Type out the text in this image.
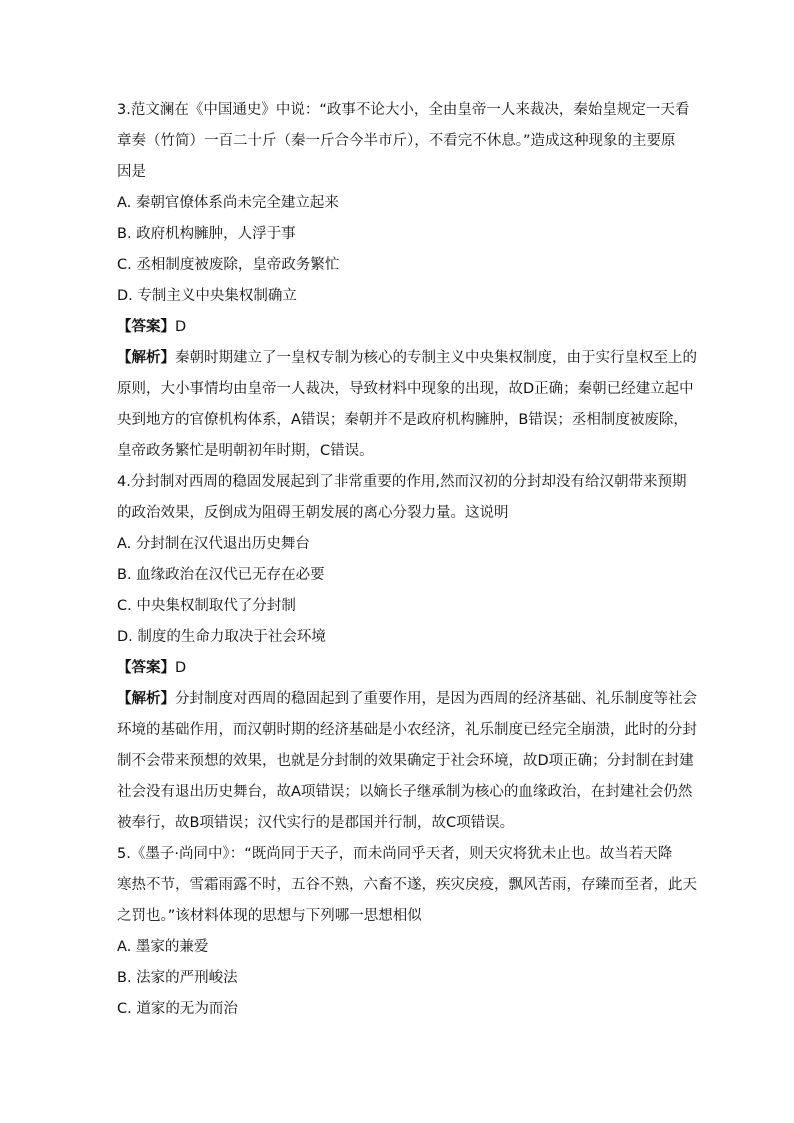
3.范文澜在《中国通史》中说：“政事不论大小，全由皇帝一人来裁决，秦始皇规定一天看
章奏（竹简）一百二十斤（秦一斤合今半市斤），不看完不休息。”造成这种现象的主要原
因是
A. 秦朝官僚体系尚未完全建立起来
B. 政府机构臃肿，人浮于事
C. 丞相制度被废除，皇帝政务繁忙
D. 专制主义中央集权制确立
【答案】D
【解析】秦朝时期建立了一皇权专制为核心的专制主义中央集权制度，由于实行皇权至上的
原则，大小事情均由皇帝一人裁决，导致材料中现象的出现，故D正确；秦朝已经建立起中
央到地方的官僚机构体系，A错误；秦朝并不是政府机构臃肿，B错误；丞相制度被废除，
皇帝政务繁忙是明朝初年时期，C错误。
4.分封制对西周的稳固发展起到了非常重要的作用,然而汉初的分封却没有给汉朝带来预期
的政治效果，反倒成为阻碍王朝发展的离心分裂力量。这说明
A. 分封制在汉代退出历史舞台
B. 血缘政治在汉代已无存在必要
C. 中央集权制取代了分封制
D. 制度的生命力取决于社会环境
【答案】D
【解析】分封制度对西周的稳固起到了重要作用，是因为西周的经济基础、礼乐制度等社会
环境的基础作用，而汉朝时期的经济基础是小农经济，礼乐制度已经完全崩溃，此时的分封
制不会带来预想的效果，也就是分封制的效果确定于社会环境，故D项正确；分封制在封建
社会没有退出历史舞台，故A项错误；以嫡长子继承制为核心的血缘政治，在封建社会仍然
被奉行，故B项错误；汉代实行的是郡国并行制，故C项错误。
5.《墨子·尚同中》：“既尚同于天子，而未尚同乎天者，则天灾将犹未止也。故当若天降
寒热不节，雪霜雨露不时，五谷不熟，六畜不遂，疾灾戾疫，飘风苦雨，存臻而至者，此天
之罚也。”该材料体现的思想与下列哪一思想相似
A. 墨家的兼爱
B. 法家的严刑峻法
C. 道家的无为而治
